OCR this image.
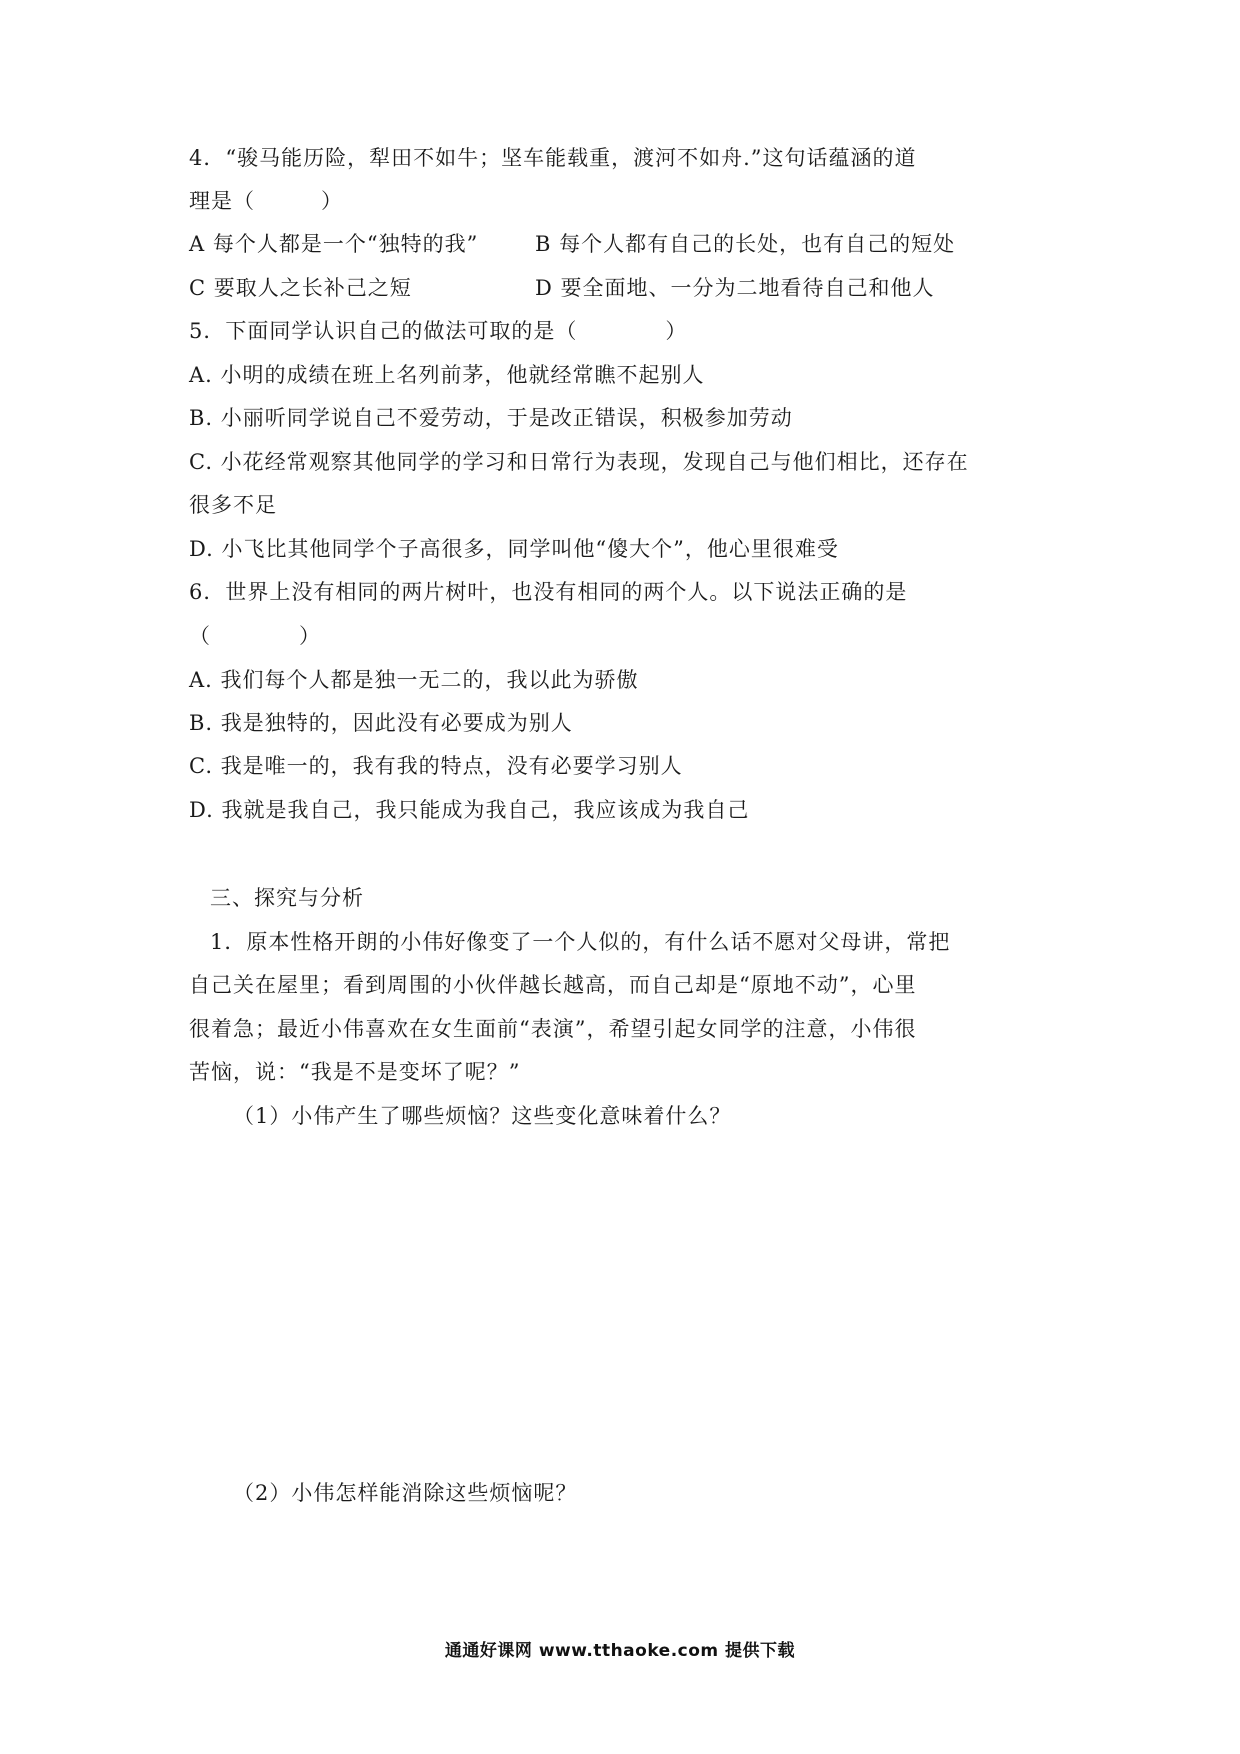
4．“骏马能历险，犁田不如牛；坚车能载重，渡河不如舟.”这句话蕴涵的道
理是（　　　）
A 每个人都是一个“独特的我”	B 每个人都有自己的长处，也有自己的短处
C 要取人之长补己之短	D 要全面地、一分为二地看待自己和他人
5．下面同学认识自己的做法可取的是（　　　　）
A. 小明的成绩在班上名列前茅，他就经常瞧不起别人
B. 小丽听同学说自己不爱劳动，于是改正错误，积极参加劳动
C. 小花经常观察其他同学的学习和日常行为表现，发现自己与他们相比，还存在
很多不足
D. 小飞比其他同学个子高很多，同学叫他“傻大个”，他心里很难受
6．世界上没有相同的两片树叶，也没有相同的两个人。以下说法正确的是
（　　　　）
A. 我们每个人都是独一无二的，我以此为骄傲
B. 我是独特的，因此没有必要成为别人
C. 我是唯一的，我有我的特点，没有必要学习别人
D. 我就是我自己，我只能成为我自己，我应该成为我自己
三、探究与分析
1．原本性格开朗的小伟好像变了一个人似的，有什么话不愿对父母讲，常把
自己关在屋里；看到周围的小伙伴越长越高，而自己却是“原地不动”，心里
很着急；最近小伟喜欢在女生面前“表演”，希望引起女同学的注意，小伟很
苦恼，说：“我是不是变坏了呢？”
（1）小伟产生了哪些烦恼？这些变化意味着什么？
（2）小伟怎样能消除这些烦恼呢？
通通好课网 www.tthaoke.com 提供下载
